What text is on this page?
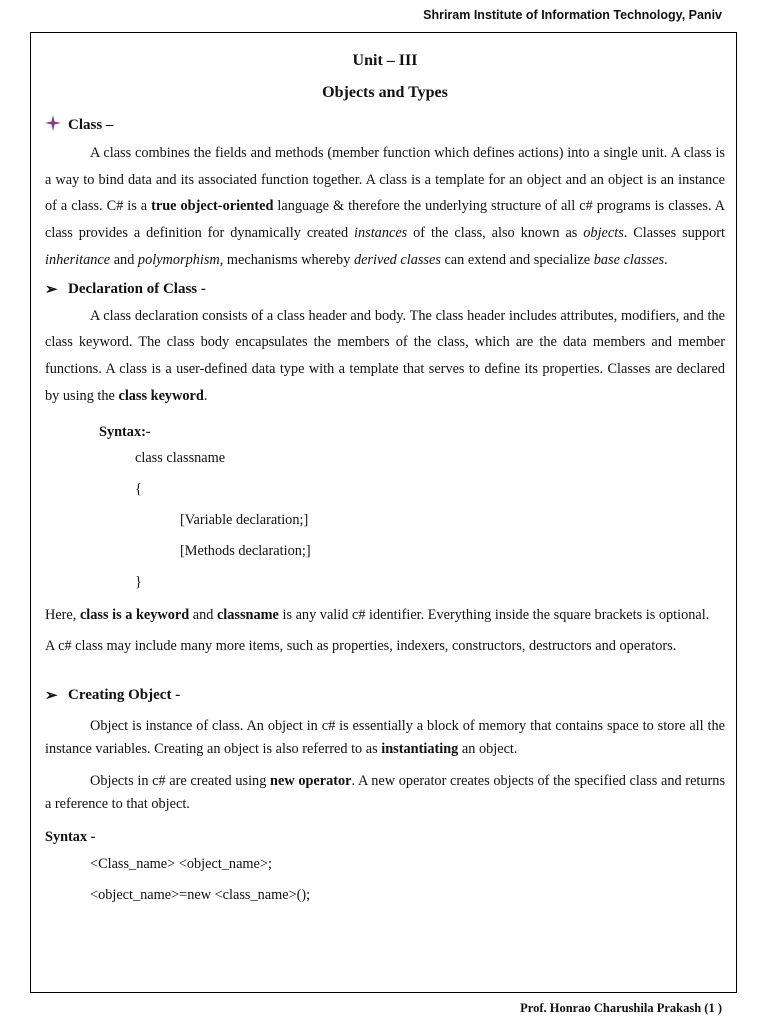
Shriram Institute of Information Technology, Paniv
Unit – III
Objects and Types
Class –

A class combines the fields and methods (member function which defines actions) into a single unit. A class is a way to bind data and its associated function together. A class is a template for an object and an object is an instance of a class. C# is a true object-oriented language & therefore the underlying structure of all c# programs is classes. A class provides a definition for dynamically created instances of the class, also known as objects. Classes support inheritance and polymorphism, mechanisms whereby derived classes can extend and specialize base classes.

➢ Declaration of Class -

A class declaration consists of a class header and body. The class header includes attributes, modifiers, and the class keyword. The class body encapsulates the members of the class, which are the data members and member functions. A class is a user-defined data type with a template that serves to define its properties. Classes are declared by using the class keyword.

Syntax:-
class classname
{
[Variable declaration;]
[Methods declaration;]
}

Here, class is a keyword and classname is any valid c# identifier. Everything inside the square brackets is optional.

A c# class may include many more items, such as properties, indexers, constructors, destructors and operators.

➢ Creating Object -

Object is instance of class. An object in c# is essentially a block of memory that contains space to store all the instance variables. Creating an object is also referred to as instantiating an object.

Objects in c# are created using new operator. A new operator creates objects of the specified class and returns a reference to that object.

Syntax -
<Class_name> <object_name>;
<object_name>=new <class_name>();
Prof. Honrao Charushila Prakash (1 )
